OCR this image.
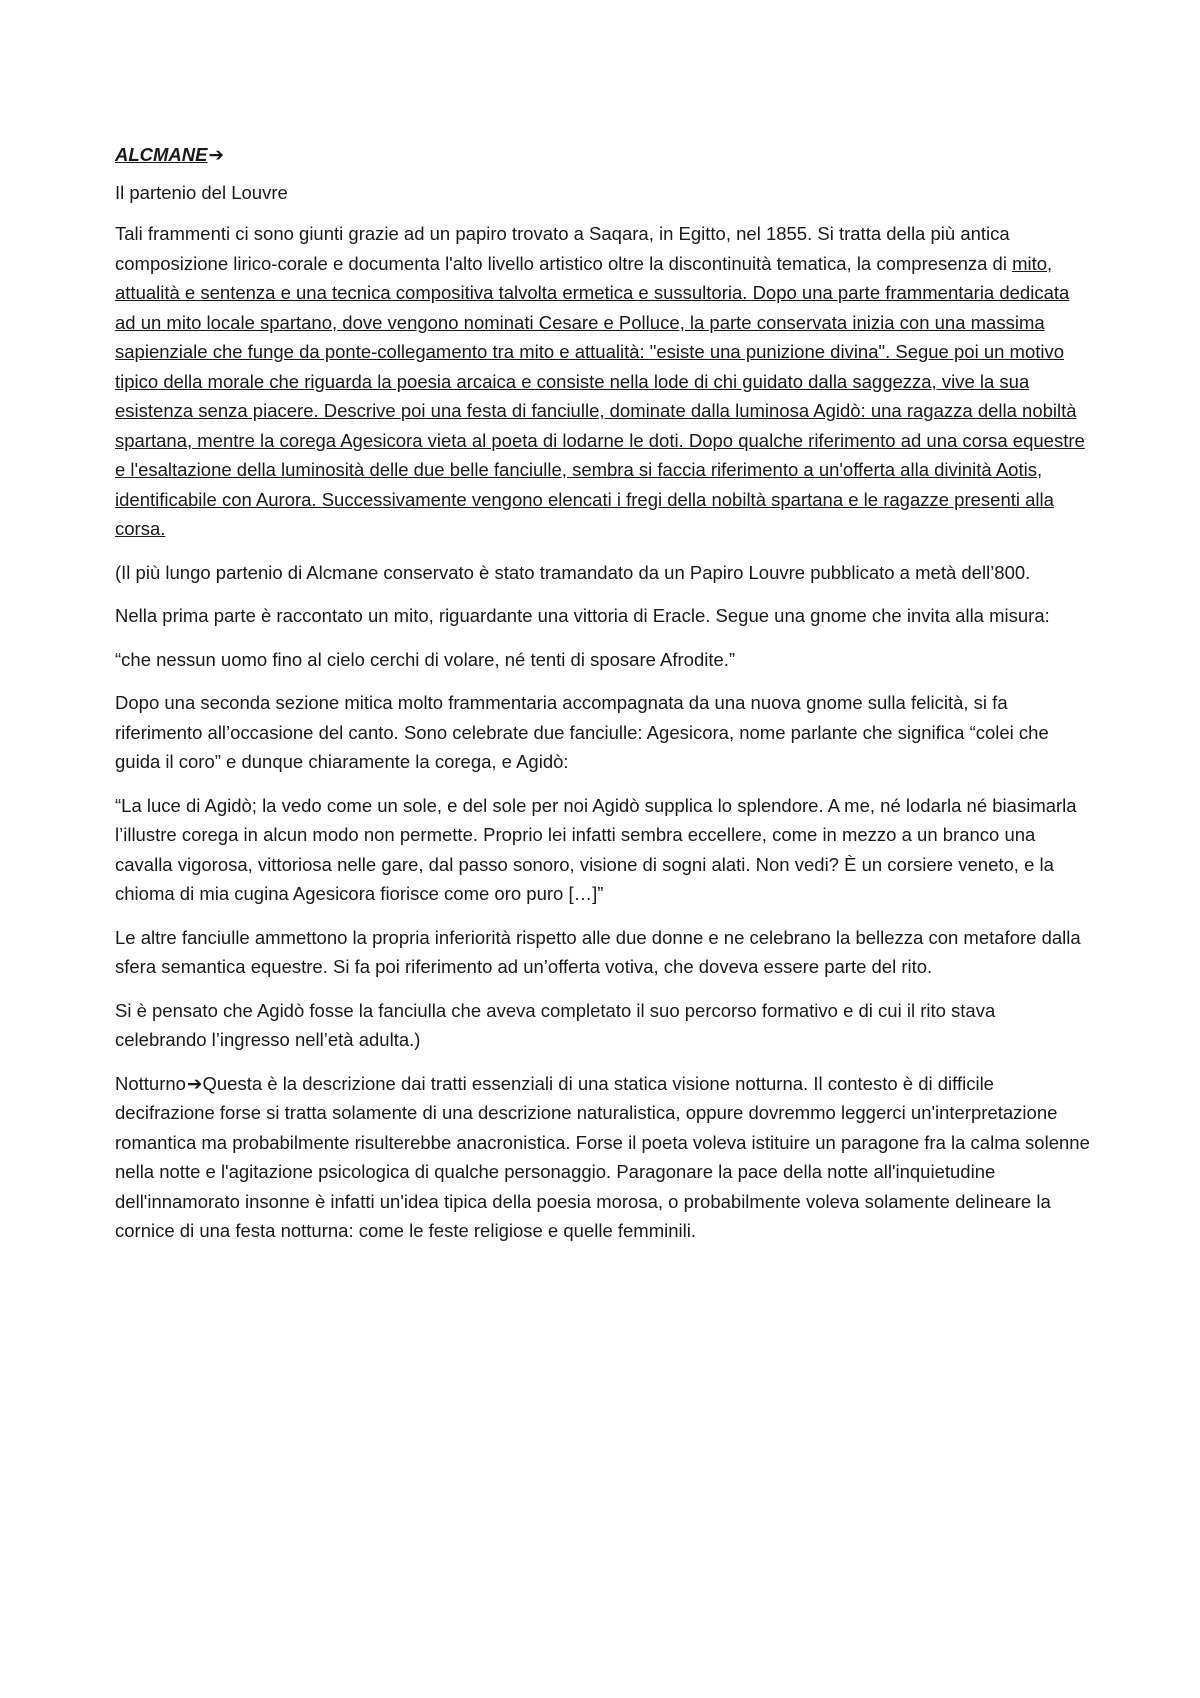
ALCMANE➔

Il partenio del Louvre

Tali frammenti ci sono giunti grazie ad un papiro trovato a Saqara, in Egitto, nel 1855. Si tratta della più antica composizione lirico-corale e documenta l'alto livello artistico oltre la discontinuità tematica, la compresenza di mito, attualità e sentenza e una tecnica compositiva talvolta ermetica e sussultoria. Dopo una parte frammentaria dedicata ad un mito locale spartano, dove vengono nominati Cesare e Polluce, la parte conservata inizia con una massima sapienziale che funge da ponte-collegamento tra mito e attualità: "esiste una punizione divina". Segue poi un motivo tipico della morale che riguarda la poesia arcaica e consiste nella lode di chi guidato dalla saggezza, vive la sua esistenza senza piacere. Descrive poi una festa di fanciulle, dominate dalla luminosa Agidò: una ragazza della nobiltà spartana, mentre la corega Agesicora vieta al poeta di lodarne le doti. Dopo qualche riferimento ad una corsa equestre e l'esaltazione della luminosità delle due belle fanciulle, sembra si faccia riferimento a un'offerta alla divinità Aotis, identificabile con Aurora. Successivamente vengono elencati i fregi della nobiltà spartana e le ragazze presenti alla corsa.

(Il più lungo partenio di Alcmane conservato è stato tramandato da un Papiro Louvre pubblicato a metà dell’800.

Nella prima parte è raccontato un mito, riguardante una vittoria di Eracle. Segue una gnome che invita alla misura:

“che nessun uomo fino al cielo cerchi di volare, né tenti di sposare Afrodite.”

Dopo una seconda sezione mitica molto frammentaria accompagnata da una nuova gnome sulla felicità, si fa riferimento all’occasione del canto. Sono celebrate due fanciulle: Agesicora, nome parlante che significa “colei che guida il coro” e dunque chiaramente la corega, e Agidò:

“La luce di Agidò; la vedo come un sole, e del sole per noi Agidò supplica lo splendore. A me, né lodarla né biasimarla l’illustre corega in alcun modo non permette. Proprio lei infatti sembra eccellere, come in mezzo a un branco una cavalla vigorosa, vittoriosa nelle gare, dal passo sonoro, visione di sogni alati. Non vedi? È un corsiere veneto, e la chioma di mia cugina Agesicora fiorisce come oro puro […]”

Le altre fanciulle ammettono la propria inferiorità rispetto alle due donne e ne celebrano la bellezza con metafore dalla sfera semantica equestre. Si fa poi riferimento ad un’offerta votiva, che doveva essere parte del rito.

Si è pensato che Agidò fosse la fanciulla che aveva completato il suo percorso formativo e di cui il rito stava celebrando l’ingresso nell’età adulta.)

Notturno➔Questa è la descrizione dai tratti essenziali di una statica visione notturna. Il contesto è di difficile decifrazione forse si tratta solamente di una descrizione naturalistica, oppure dovremmo leggerci un'interpretazione romantica ma probabilmente risulterebbe anacronistica. Forse il poeta voleva istituire un paragone fra la calma solenne nella notte e l'agitazione psicologica di qualche personaggio. Paragonare la pace della notte all'inquietudine dell'innamorato insonne è infatti un'idea tipica della poesia morosa, o probabilmente voleva solamente delineare la cornice di una festa notturna: come le feste religiose e quelle femminili.
